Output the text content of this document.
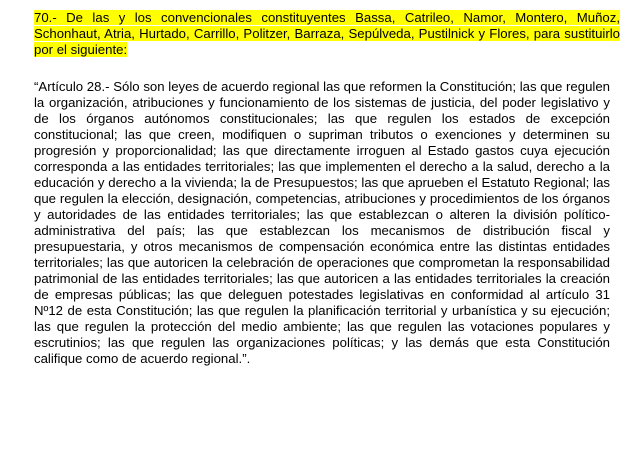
70.- De las y los convencionales constituyentes Bassa, Catrileo, Namor, Montero, Muñoz, Schonhaut, Atria, Hurtado, Carrillo, Politzer, Barraza, Sepúlveda, Pustilnick y Flores, para sustituirlo por el siguiente:

“Artículo 28.- Sólo son leyes de acuerdo regional las que reformen la Constitución; las que regulen la organización, atribuciones y funcionamiento de los sistemas de justicia, del poder legislativo y de los órganos autónomos constitucionales; las que regulen los estados de excepción constitucional; las que creen, modifiquen o supriman tributos o exenciones y determinen su progresión y proporcionalidad; las que directamente irroguen al Estado gastos cuya ejecución corresponda a las entidades territoriales; las que implementen el derecho a la salud, derecho a la educación y derecho a la vivienda; la de Presupuestos; las que aprueben el Estatuto Regional; las que regulen la elección, designación, competencias, atribuciones y procedimientos de los órganos y autoridades de las entidades territoriales; las que establezcan o alteren la división político-administrativa del país; las que establezcan los mecanismos de distribución fiscal y presupuestaria, y otros mecanismos de compensación económica entre las distintas entidades territoriales; las que autoricen la celebración de operaciones que comprometan la responsabilidad patrimonial de las entidades territoriales; las que autoricen a las entidades territoriales la creación de empresas públicas; las que deleguen potestades legislativas en conformidad al artículo 31 Nº12 de esta Constitución; las que regulen la planificación territorial y urbanística y su ejecución; las que regulen la protección del medio ambiente; las que regulen las votaciones populares y escrutinios; las que regulen las organizaciones políticas; y las demás que esta Constitución califique como de acuerdo regional.”.
